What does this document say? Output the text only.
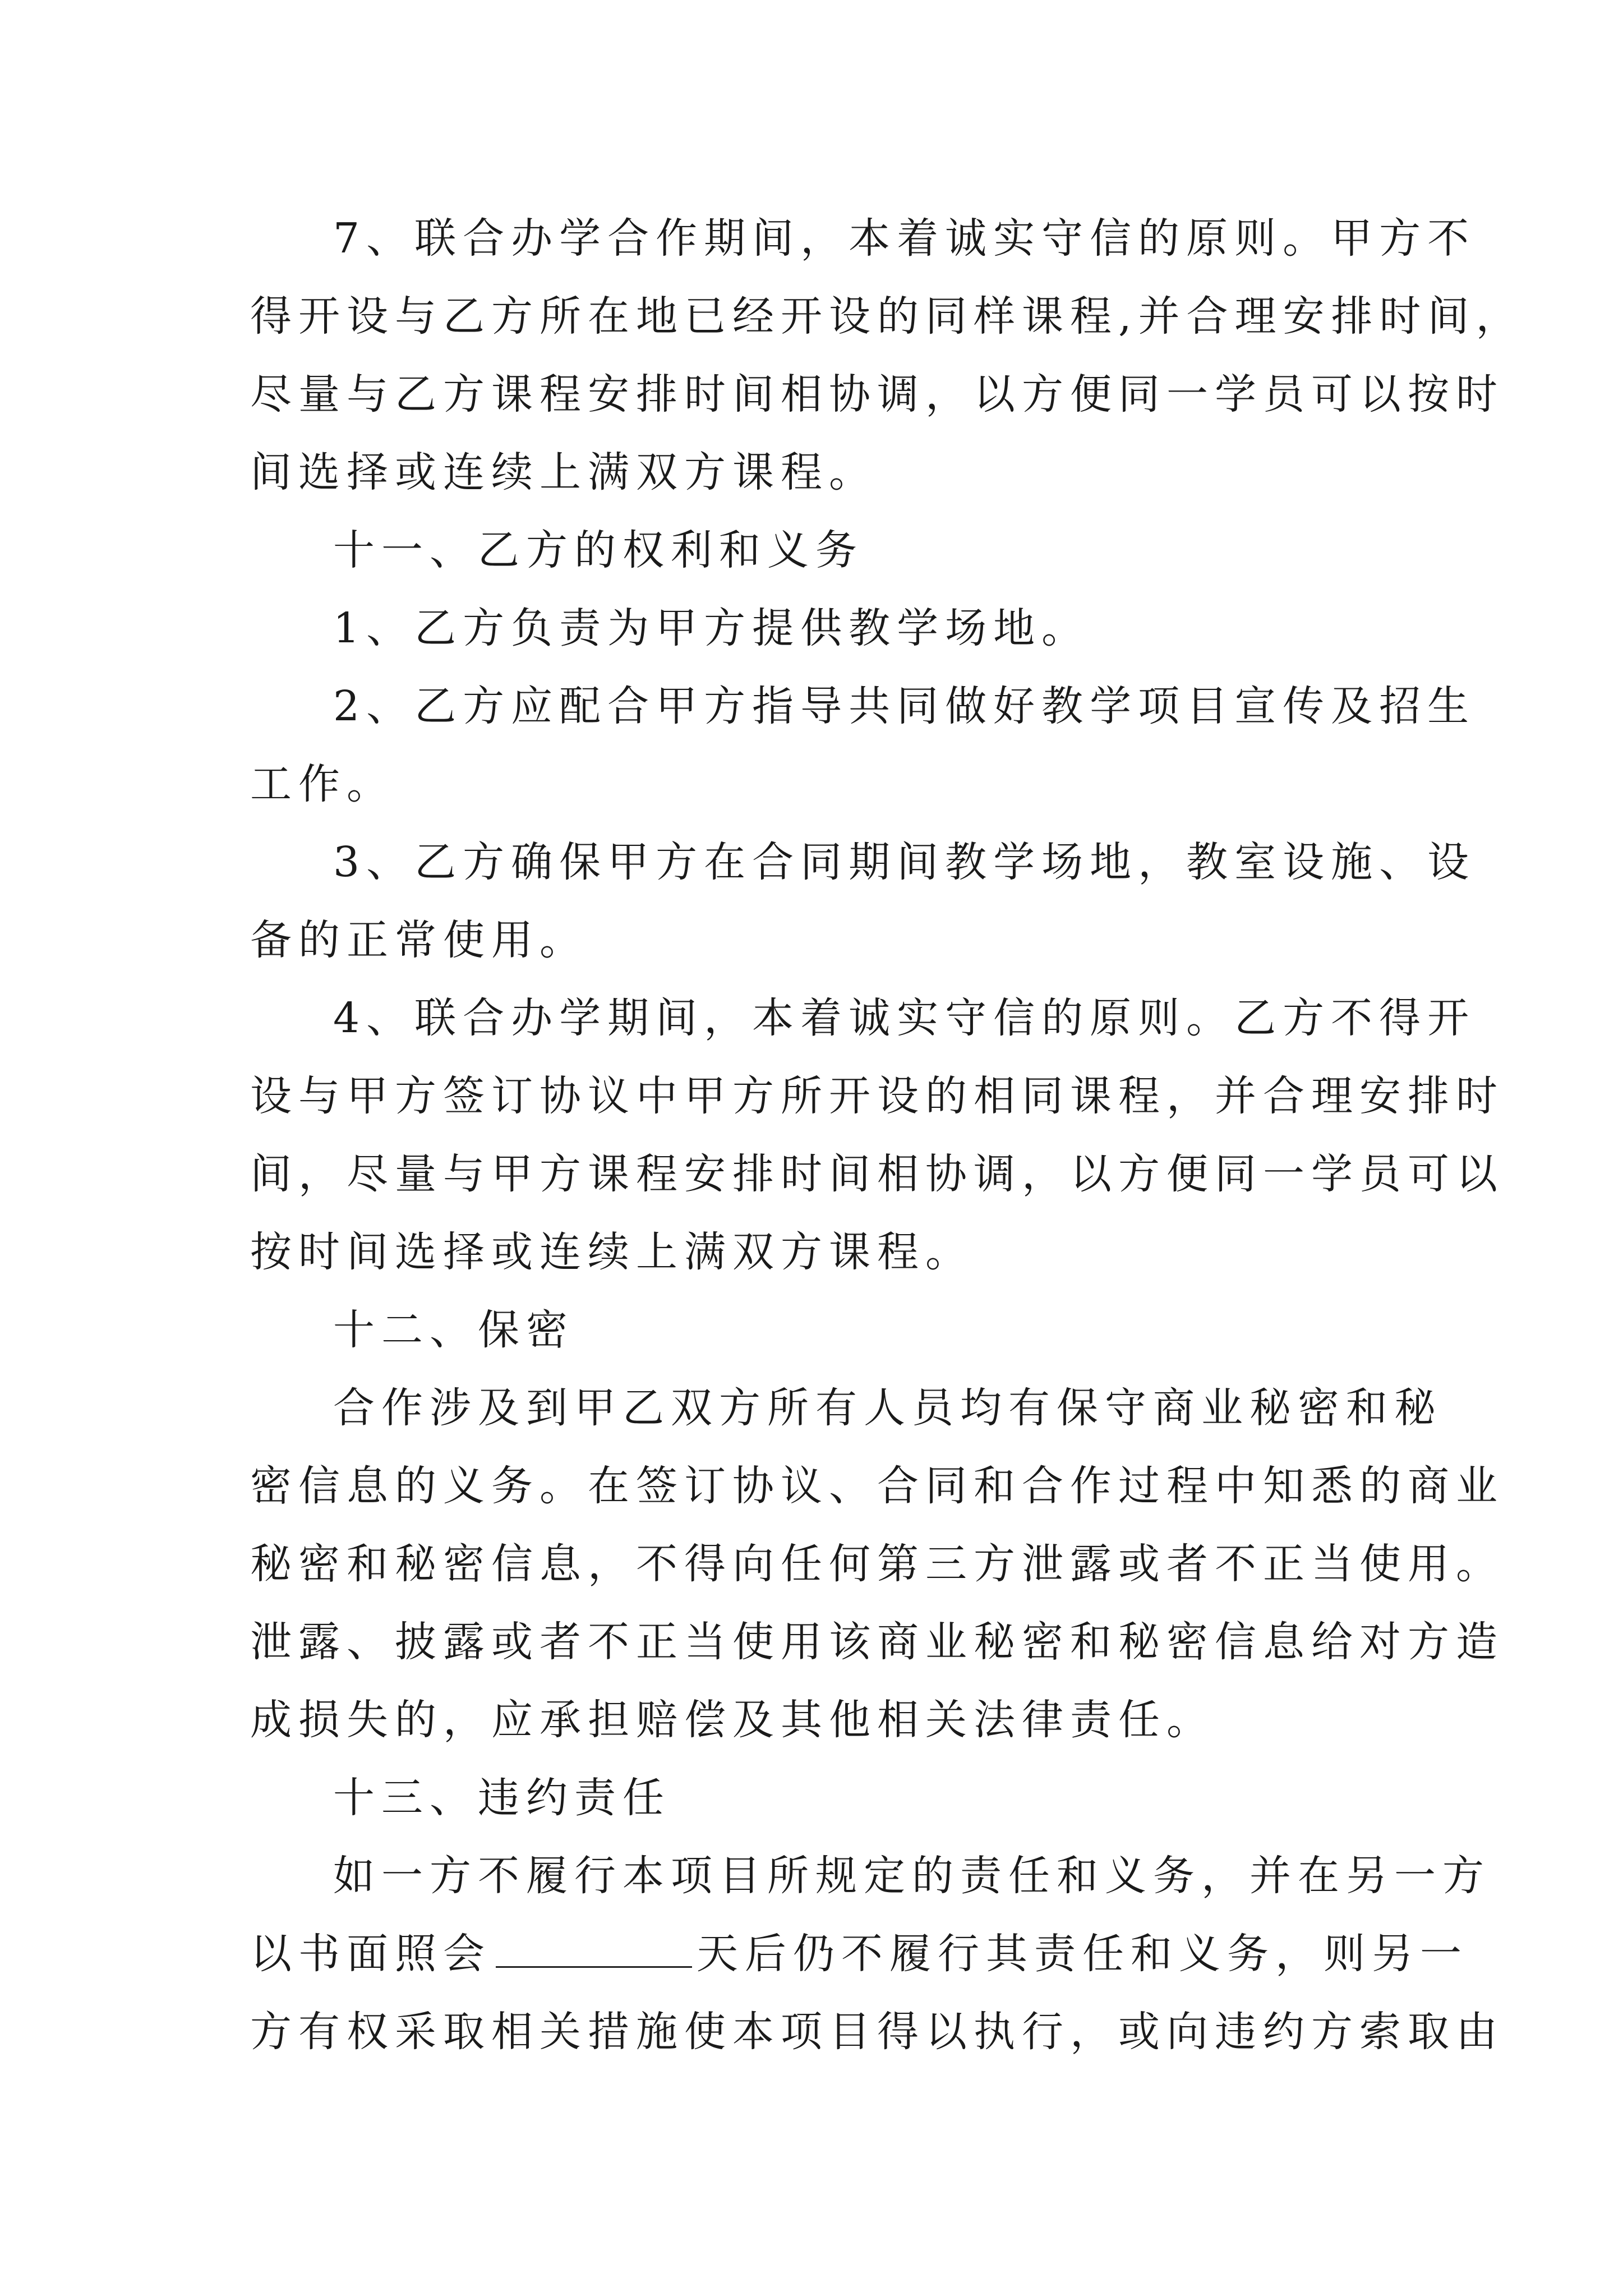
7、联合办学合作期间，本着诚实守信的原则。甲方不
得开设与乙方所在地已经开设的同样课程,并合理安排时间，
尽量与乙方课程安排时间相协调，以方便同一学员可以按时
间选择或连续上满双方课程。
十一、乙方的权利和义务
1、乙方负责为甲方提供教学场地。
2、乙方应配合甲方指导共同做好教学项目宣传及招生
工作。
3、乙方确保甲方在合同期间教学场地，教室设施、设
备的正常使用。
4、联合办学期间，本着诚实守信的原则。乙方不得开
设与甲方签订协议中甲方所开设的相同课程，并合理安排时
间，尽量与甲方课程安排时间相协调，以方便同一学员可以
按时间选择或连续上满双方课程。
十二、保密
合作涉及到甲乙双方所有人员均有保守商业秘密和秘
密信息的义务。在签订协议、合同和合作过程中知悉的商业
秘密和秘密信息，不得向任何第三方泄露或者不正当使用。
泄露、披露或者不正当使用该商业秘密和秘密信息给对方造
成损失的，应承担赔偿及其他相关法律责任。
十三、违约责任
如一方不履行本项目所规定的责任和义务，并在另一方
以书面照会	天后仍不履行其责任和义务，则另一
方有权采取相关措施使本项目得以执行，或向违约方索取由
